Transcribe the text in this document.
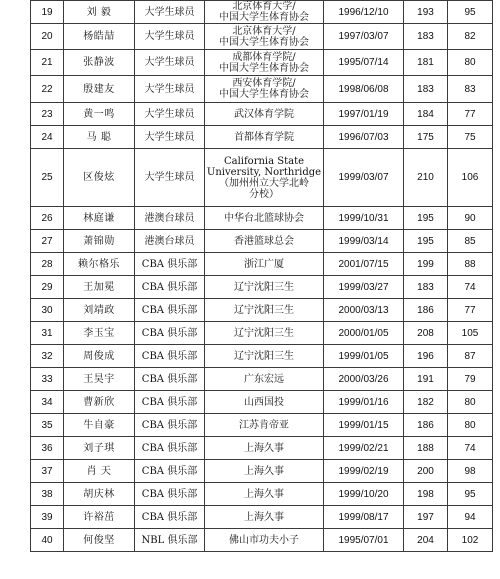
19	刘 毅	大学生球员	北京体育大学/
中国大学生体育协会	1996/12/10	193	95
20	杨皓喆	大学生球员	北京体育大学/
中国大学生体育协会	1997/03/07	183	82
21	张静波	大学生球员	成都体育学院/
中国大学生体育协会	1995/07/14	181	80
22	殷建友	大学生球员	西安体育学院/
中国大学生体育协会	1998/06/08	183	83
23	黄一鸣	大学生球员	武汉体育学院	1997/01/19	184	77
24	马 聪	大学生球员	首都体育学院	1996/07/03	175	75
25	区俊炫	大学生球员	California State
University, Northridge
（加州州立大学北岭
分校）	1999/03/07	210	106
26	林庭谦	港澳台球员	中华台北篮球协会	1999/10/31	195	90
27	萧锦勋	港澳台球员	香港篮球总会	1999/03/14	195	85
28	赖尔格乐	CBA 俱乐部	浙江广厦	2001/07/15	199	88
29	王加冕	CBA 俱乐部	辽宁沈阳三生	1999/03/27	183	74
30	刘靖政	CBA 俱乐部	辽宁沈阳三生	2000/03/13	186	77
31	李玉宝	CBA 俱乐部	辽宁沈阳三生	2000/01/05	208	105
32	周俊成	CBA 俱乐部	辽宁沈阳三生	1999/01/05	196	87
33	王昊宇	CBA 俱乐部	广东宏远	2000/03/26	191	79
34	曹新欣	CBA 俱乐部	山西国投	1999/01/16	182	80
35	牛自豪	CBA 俱乐部	江苏肯帝亚	1999/01/15	186	80
36	刘子琪	CBA 俱乐部	上海久事	1999/02/21	188	74
37	肖 天	CBA 俱乐部	上海久事	1999/02/19	200	98
38	胡庆林	CBA 俱乐部	上海久事	1999/10/20	198	95
39	许裕茁	CBA 俱乐部	上海久事	1999/08/17	197	94
40	何俊坚	NBL 俱乐部	佛山市功夫小子	1995/07/01	204	102
